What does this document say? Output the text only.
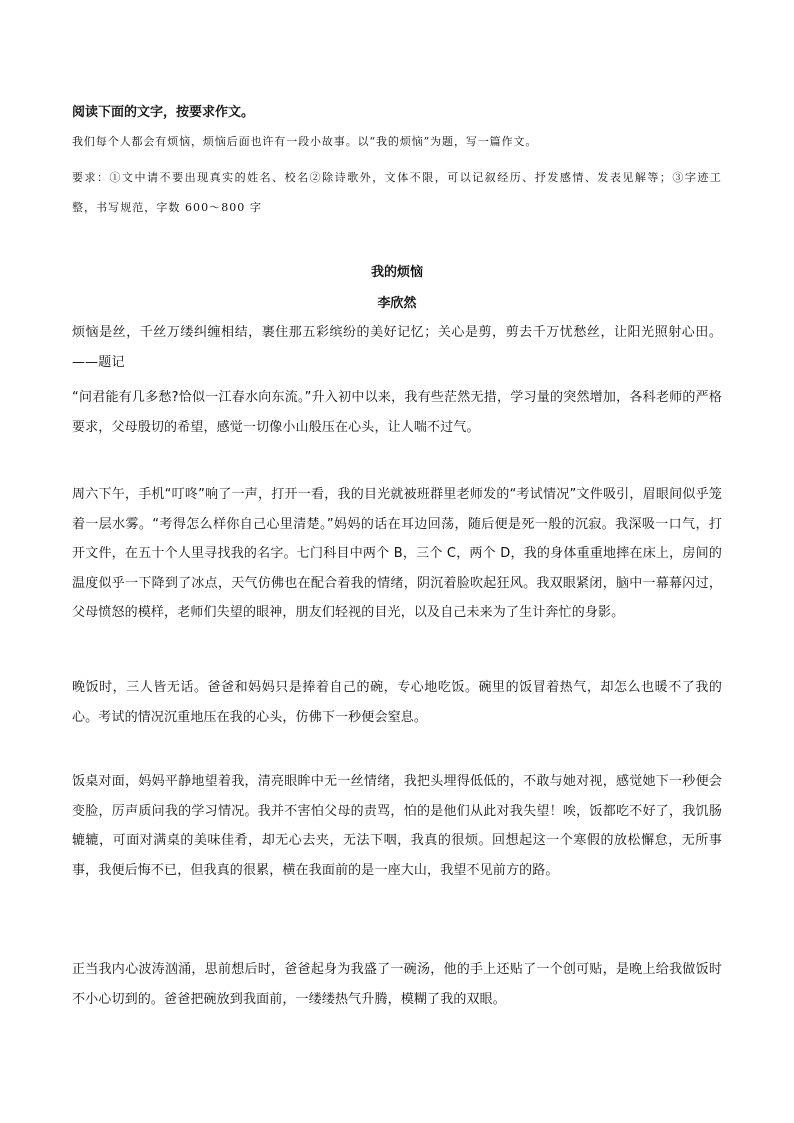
阅读下面的文字，按要求作文。
我们每个人都会有烦恼，烦恼后面也许有一段小故事。以“我的烦恼”为题，写一篇作文。
要求：①文中请不要出现真实的姓名、校名②除诗歌外，文体不限，可以记叙经历、抒发感情、发表见解等；③字迹工整，书写规范，字数 600～800 字
我的烦恼
李欣然
烦恼是丝，千丝万缕纠缠相结，裹住那五彩缤纷的美好记忆；关心是剪，剪去千万忧愁丝，让阳光照射心田。——题记
“问君能有几多愁?恰似一江春水向东流。”升入初中以来，我有些茫然无措，学习量的突然增加，各科老师的严格要求，父母殷切的希望，感觉一切像小山般压在心头，让人喘不过气。
周六下午，手机“叮咚”响了一声，打开一看，我的目光就被班群里老师发的“考试情况”文件吸引，眉眼间似乎笼着一层水雾。“考得怎么样你自己心里清楚。”妈妈的话在耳边回荡，随后便是死一般的沉寂。我深吸一口气，打开文件，在五十个人里寻找我的名字。七门科目中两个 B，三个 C，两个 D，我的身体重重地摔在床上，房间的温度似乎一下降到了冰点，天气仿佛也在配合着我的情绪，阴沉着脸吹起狂风。我双眼紧闭，脑中一幕幕闪过，父母愤怒的模样，老师们失望的眼神，朋友们轻视的目光，以及自己未来为了生计奔忙的身影。
晚饭时，三人皆无话。爸爸和妈妈只是捧着自己的碗，专心地吃饭。碗里的饭冒着热气，却怎么也暖不了我的心。考试的情况沉重地压在我的心头，仿佛下一秒便会窒息。
饭桌对面，妈妈平静地望着我，清亮眼眸中无一丝情绪，我把头埋得低低的，不敢与她对视，感觉她下一秒便会变脸，厉声质问我的学习情况。我并不害怕父母的责骂，怕的是他们从此对我失望！唉，饭都吃不好了，我饥肠辘辘，可面对满桌的美味佳肴，却无心去夹，无法下咽，我真的很烦。回想起这一个寒假的放松懈怠，无所事事，我便后悔不已，但我真的很累，横在我面前的是一座大山，我望不见前方的路。
正当我内心波涛汹涌，思前想后时，爸爸起身为我盛了一碗汤，他的手上还贴了一个创可贴，是晚上给我做饭时不小心切到的。爸爸把碗放到我面前，一缕缕热气升腾，模糊了我的双眼。
